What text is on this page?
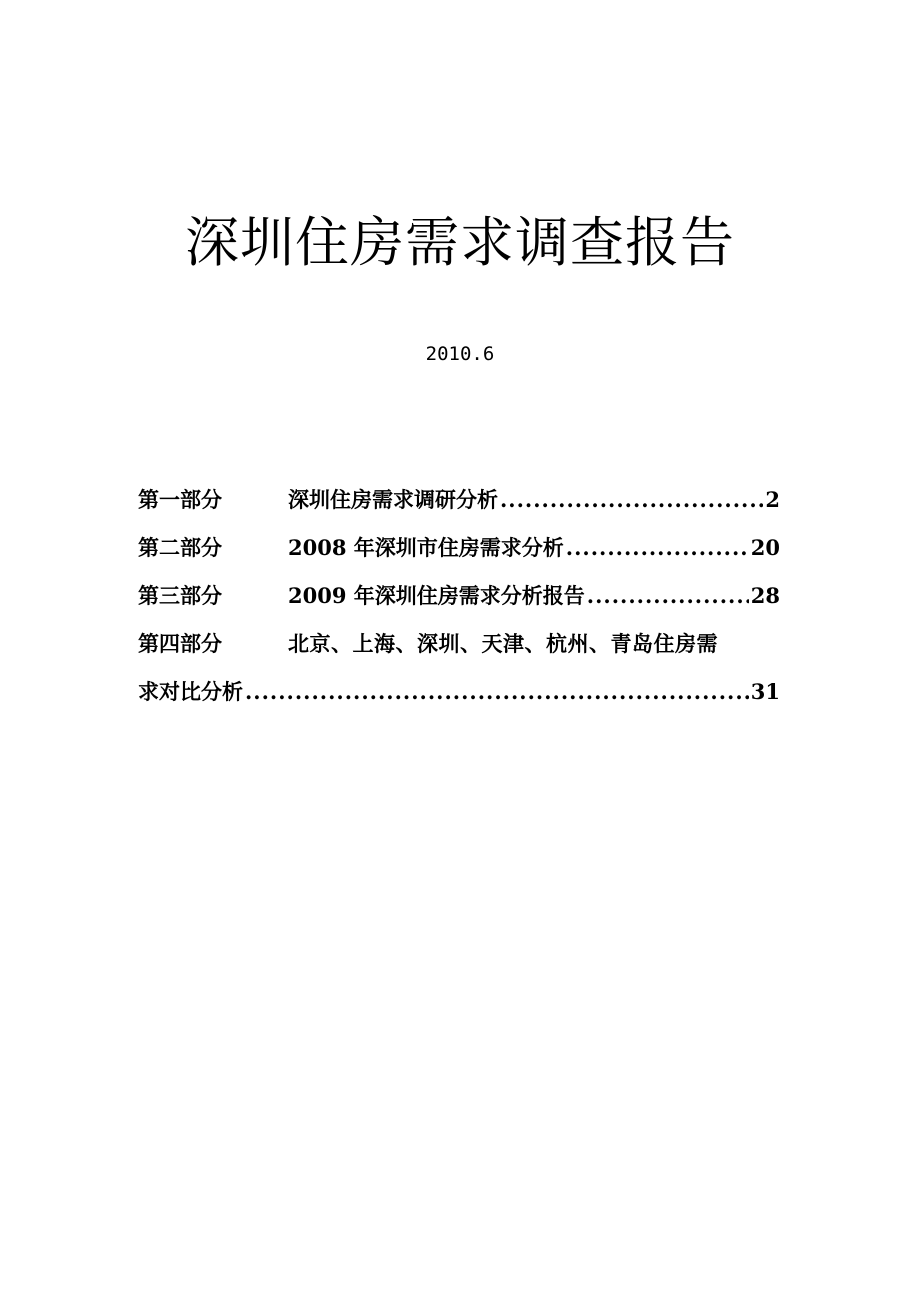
深圳住房需求调查报告
2010.6
第一部分	深圳住房需求调研分析 .....	2
第二部分	2008 年深圳市住房需求分析 .....	20
第三部分	2009 年深圳住房需求分析报告 .....	28
第四部分	北京、上海、深圳、天津、杭州、青岛住房需
求对比分析 .....	31
